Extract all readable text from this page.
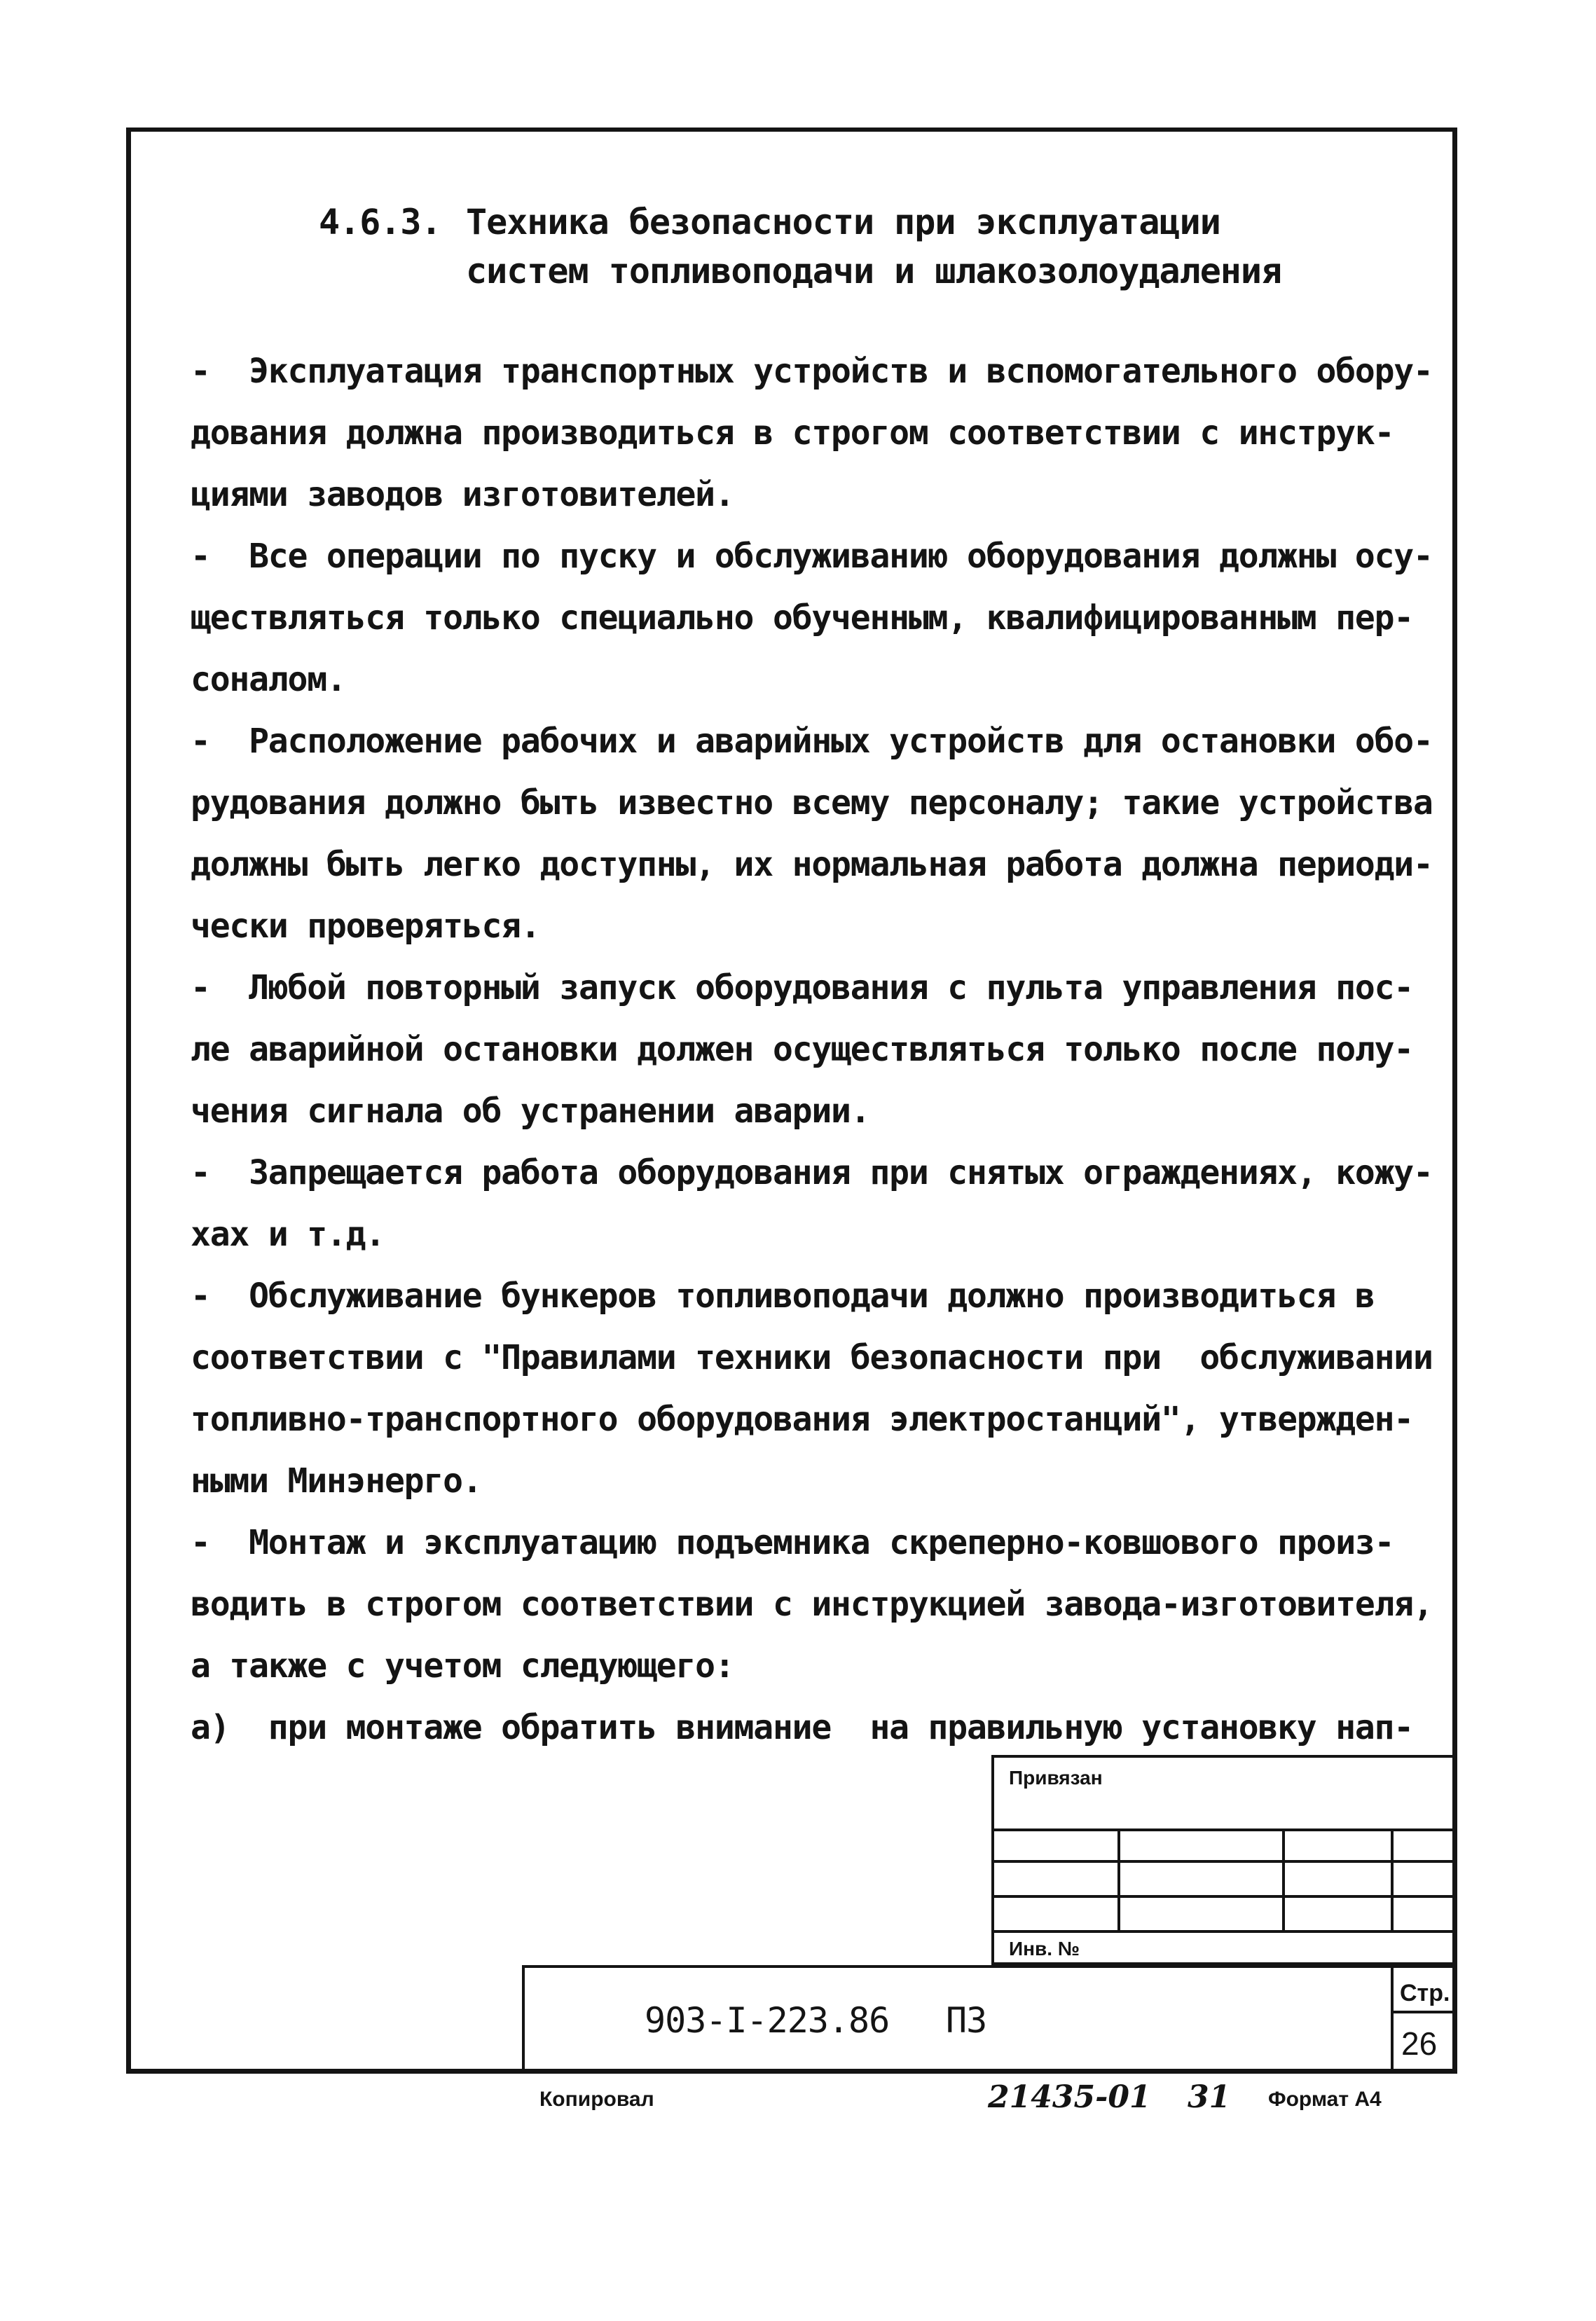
4.6.3. Техника безопасности при эксплуатации
систем топливоподачи и шлакозолоудаления
-  Эксплуатация транспортных устройств и вспомогательного обору-
дования должна производиться в строгом соответствии с инструк-
циями заводов изготовителей.
-  Все операции по пуску и обслуживанию оборудования должны осу-
ществляться только специально обученным, квалифицированным пер-
соналом.
-  Расположение рабочих и аварийных устройств для остановки обо-
рудования должно быть известно всему персоналу; такие устройства
должны быть легко доступны, их нормальная работа должна периоди-
чески проверяться.
-  Любой повторный запуск оборудования с пульта управления пос-
ле аварийной остановки должен осуществляться только после полу-
чения сигнала об устранении аварии.
-  Запрещается работа оборудования при снятых ограждениях, кожу-
хах и т.д.
-  Обслуживание бункеров топливоподачи должно производиться в
соответствии с "Правилами техники безопасности при  обслуживании
топливно-транспортного оборудования электростанций", утвержден-
ными Минэнерго.
-  Монтаж и эксплуатацию подъемника скреперно-ковшового произ-
водить в строгом соответствии с инструкцией завода-изготовителя,
а также с учетом следующего:
а)  при монтаже обратить внимание  на правильную установку нап-
Привязан
Инв. №
903-I-223.86 ПЗ
Стр.
26
Копировал	21435-01 31 Формат А4
